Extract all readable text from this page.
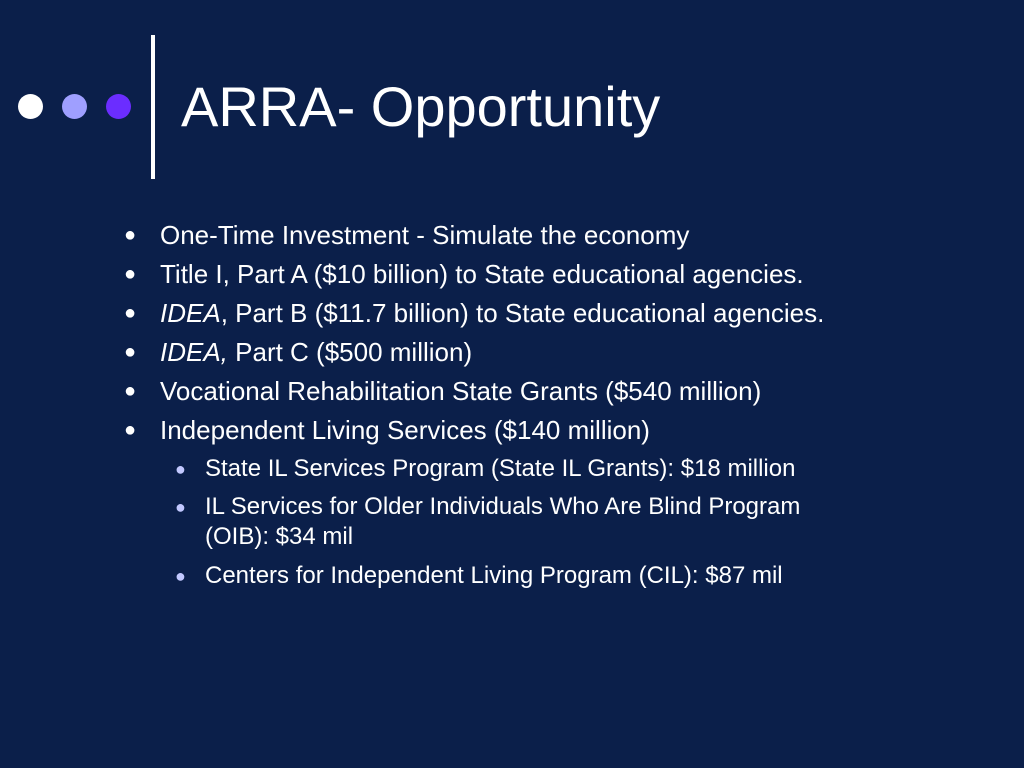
ARRA- Opportunity
● One-Time Investment - Simulate the economy
● Title I, Part A ($10 billion) to State educational agencies.
● IDEA, Part B ($11.7 billion) to State educational agencies.
● IDEA, Part C ($500 million)
● Vocational Rehabilitation State Grants ($540 million)
● Independent Living Services ($140 million)
● State IL Services Program (State IL Grants): $18 million
● IL Services for Older Individuals Who Are Blind Program
(OIB): $34 mil
● Centers for Independent Living Program (CIL): $87 mil
